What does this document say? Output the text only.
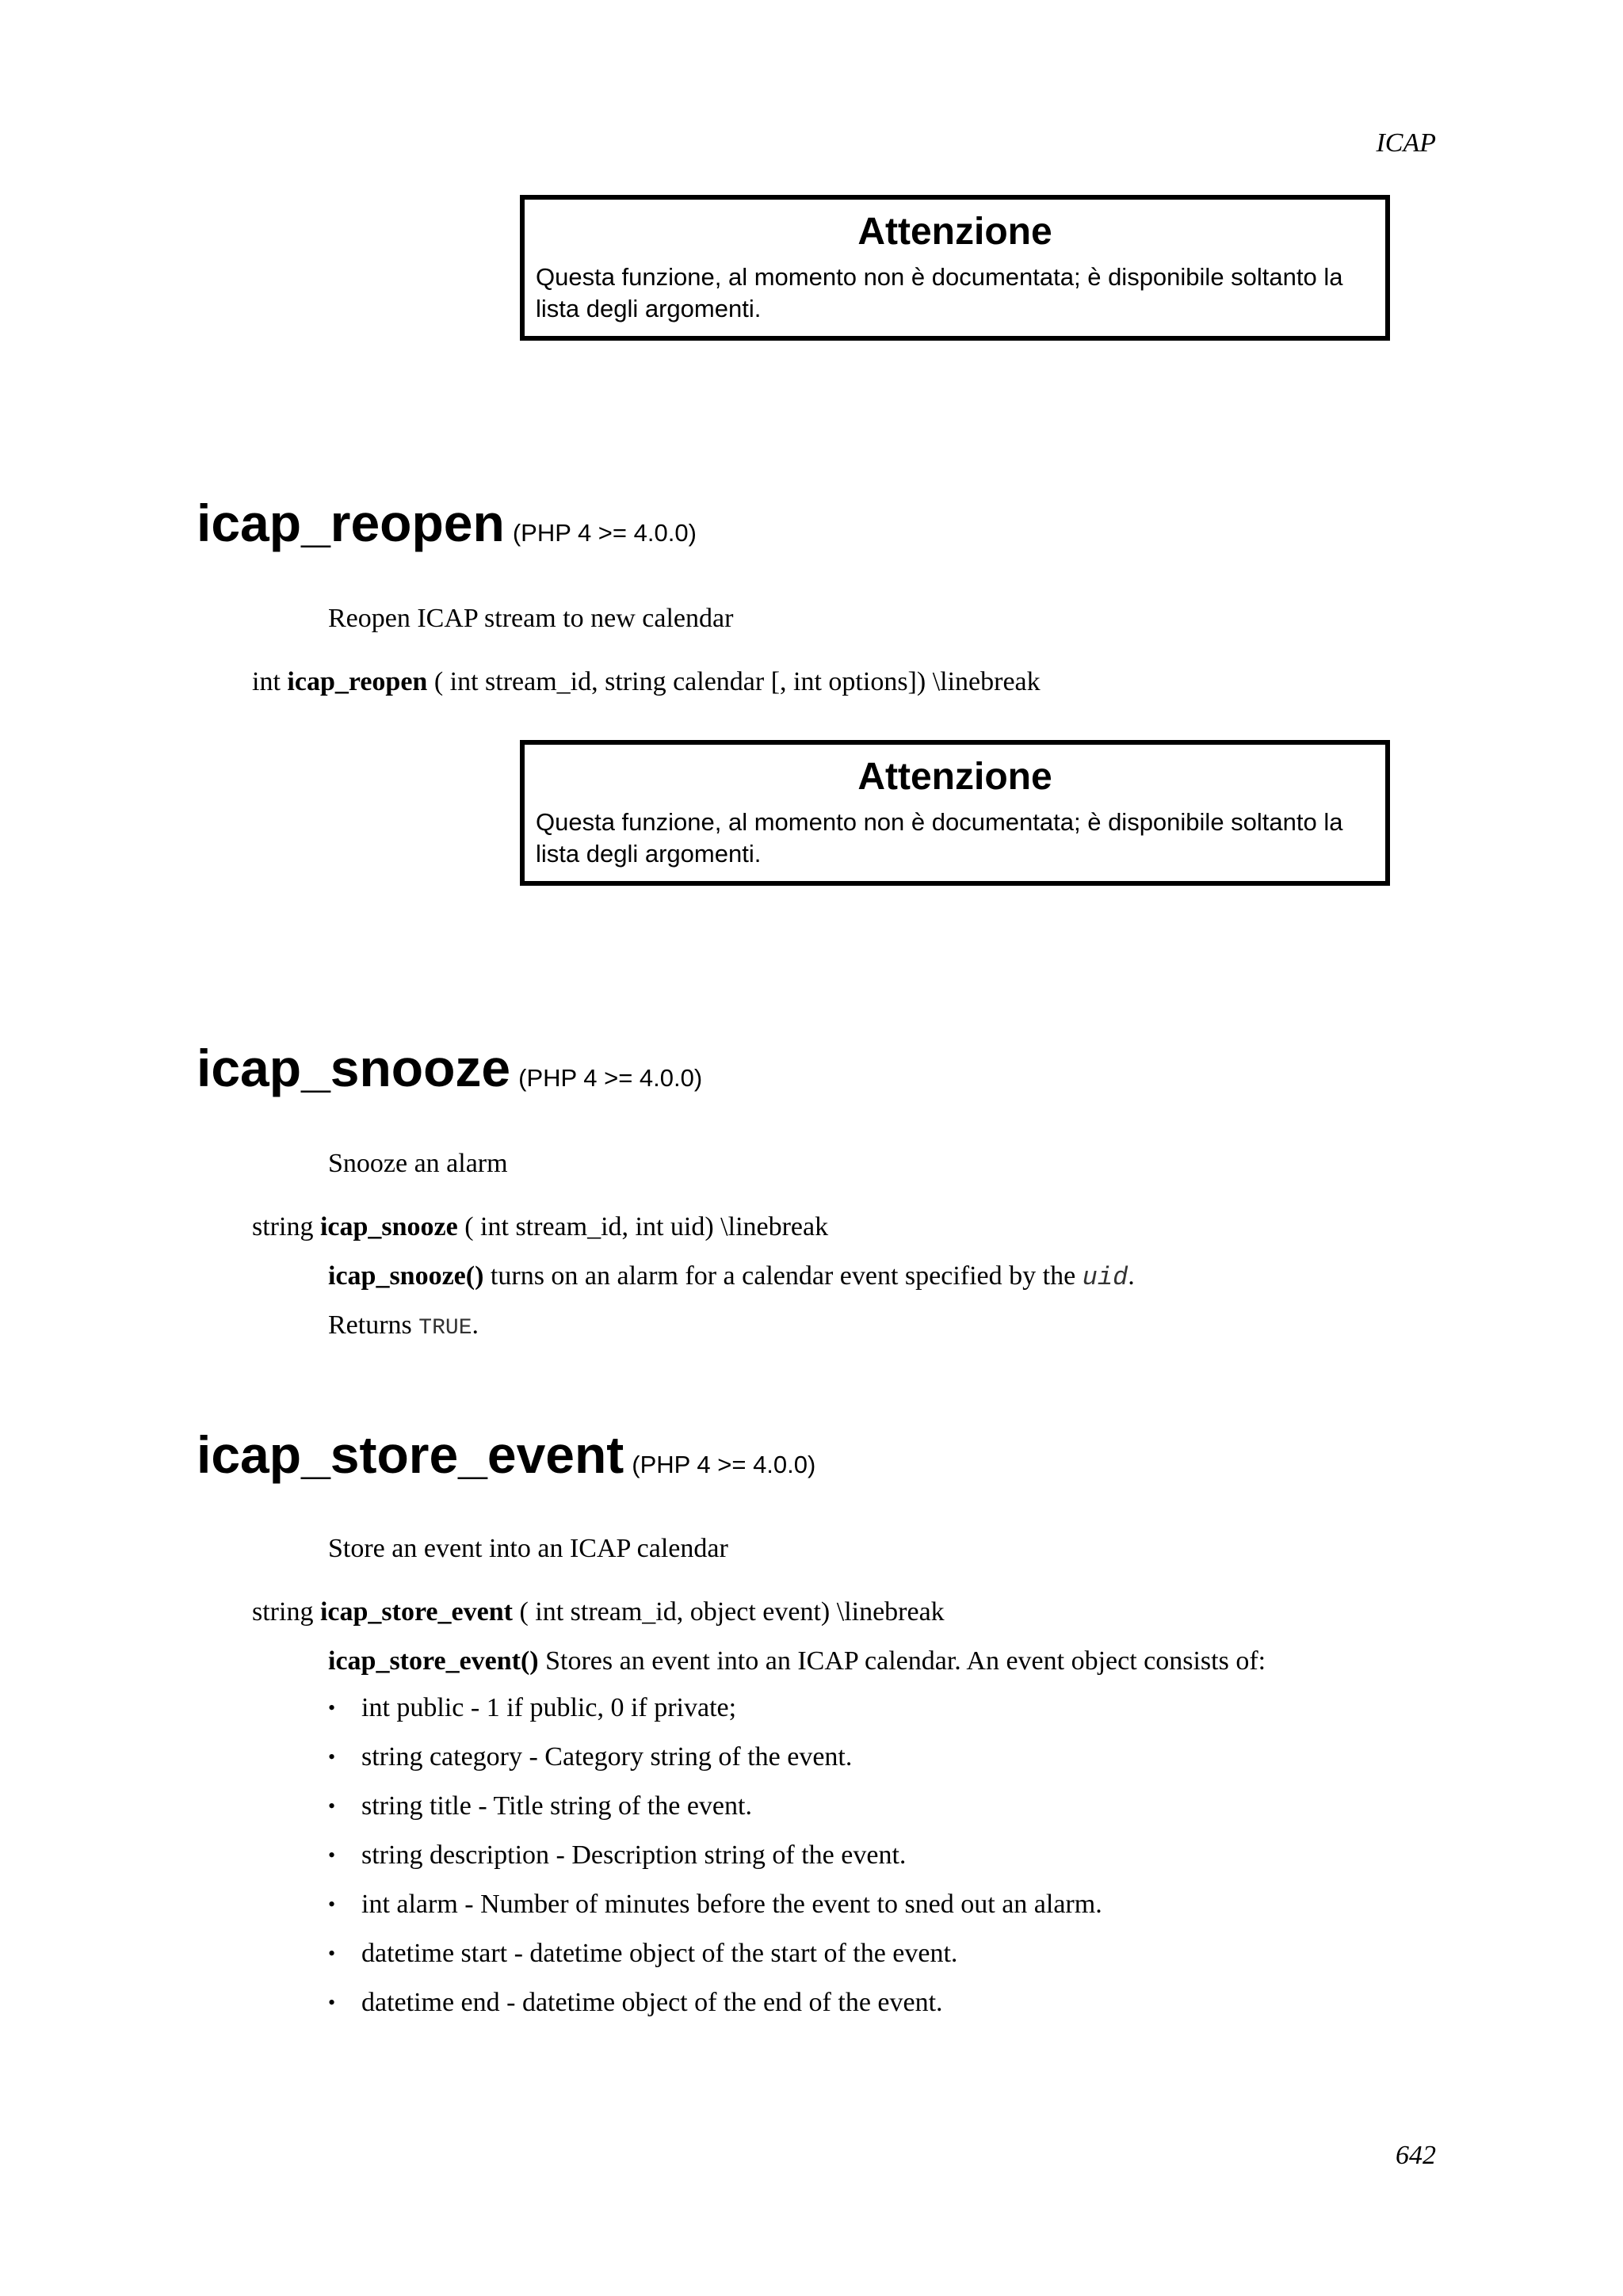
ICAP
Attenzione
Questa funzione, al momento non è documentata; è disponibile soltanto la lista degli argomenti.
icap_reopen (PHP 4 >= 4.0.0)
Reopen ICAP stream to new calendar
int icap_reopen ( int stream_id, string calendar [, int options]) \linebreak
Attenzione
Questa funzione, al momento non è documentata; è disponibile soltanto la lista degli argomenti.
icap_snooze (PHP 4 >= 4.0.0)
Snooze an alarm
string icap_snooze ( int stream_id, int uid) \linebreak
icap_snooze() turns on an alarm for a calendar event specified by the uid.
Returns TRUE.
icap_store_event (PHP 4 >= 4.0.0)
Store an event into an ICAP calendar
string icap_store_event ( int stream_id, object event) \linebreak
icap_store_event() Stores an event into an ICAP calendar. An event object consists of:
• int public - 1 if public, 0 if private;
• string category - Category string of the event.
• string title - Title string of the event.
• string description - Description string of the event.
• int alarm - Number of minutes before the event to sned out an alarm.
• datetime start - datetime object of the start of the event.
• datetime end - datetime object of the end of the event.
642
